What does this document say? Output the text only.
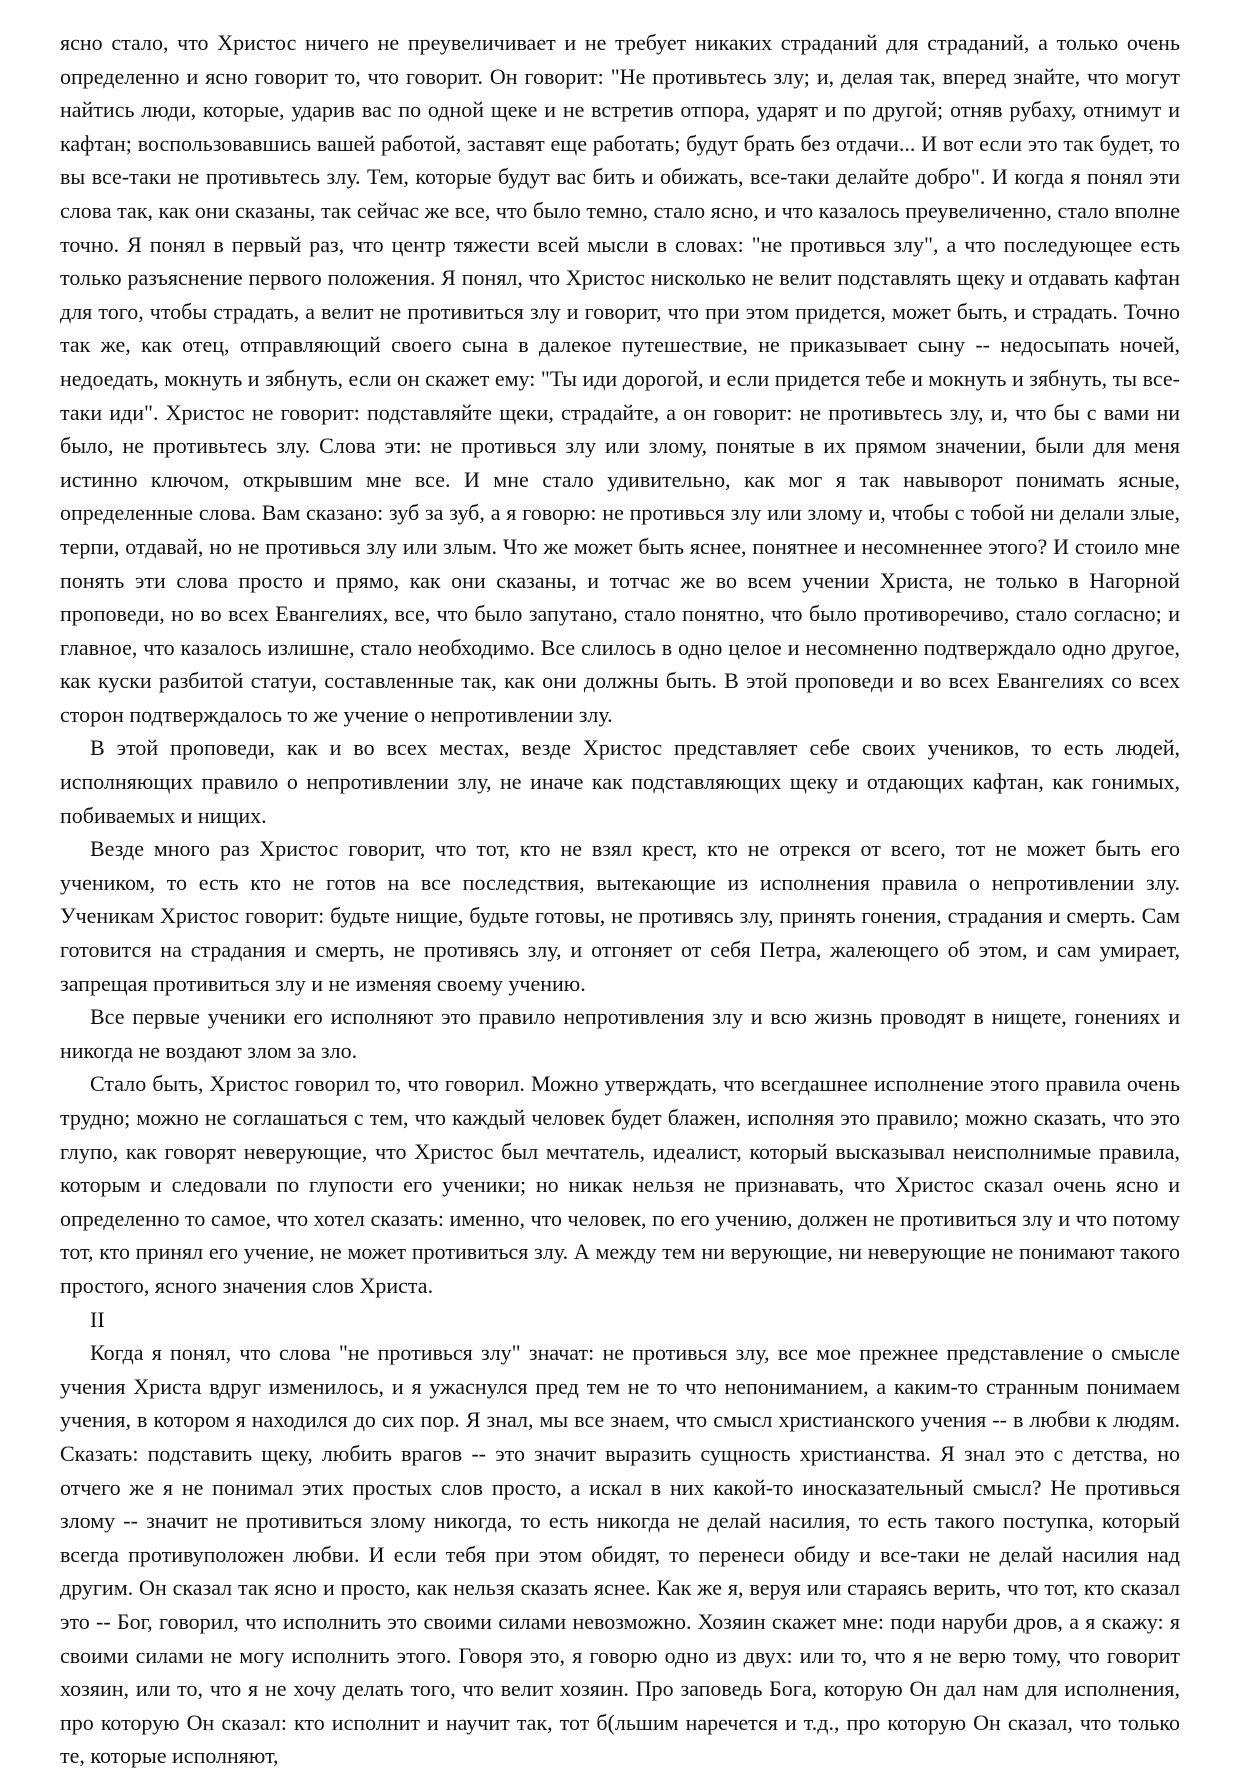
ясно стало, что Христос ничего не преувеличивает и не требует никаких страданий для страданий, а только очень определенно и ясно говорит то, что говорит. Он говорит: "Не противьтесь злу; и, делая так, вперед знайте, что могут найтись люди, которые, ударив вас по одной щеке и не встретив отпора, ударят и по другой; отняв рубаху, отнимут и кафтан; воспользовавшись вашей работой, заставят еще работать; будут брать без отдачи... И вот если это так будет, то вы все-таки не противьтесь злу. Тем, которые будут вас бить и обижать, все-таки делайте добро". И когда я понял эти слова так, как они сказаны, так сейчас же все, что было темно, стало ясно, и что казалось преувеличенно, стало вполне точно. Я понял в первый раз, что центр тяжести всей мысли в словах: "не противься злу", а что последующее есть только разъяснение первого положения. Я понял, что Христос нисколько не велит подставлять щеку и отдавать кафтан для того, чтобы страдать, а велит не противиться злу и говорит, что при этом придется, может быть, и страдать. Точно так же, как отец, отправляющий своего сына в далекое путешествие, не приказывает сыну -- недосыпать ночей, недоедать, мокнуть и зябнуть, если он скажет ему: "Ты иди дорогой, и если придется тебе и мокнуть и зябнуть, ты все-таки иди". Христос не говорит: подставляйте щеки, страдайте, а он говорит: не противьтесь злу, и, что бы с вами ни было, не противьтесь злу. Слова эти: не противься злу или злому, понятые в их прямом значении, были для меня истинно ключом, открывшим мне все. И мне стало удивительно, как мог я так навыворот понимать ясные, определенные слова. Вам сказано: зуб за зуб, а я говорю: не противься злу или злому и, чтобы с тобой ни делали злые, терпи, отдавай, но не противься злу или злым. Что же может быть яснее, понятнее и несомненнее этого? И стоило мне понять эти слова просто и прямо, как они сказаны, и тотчас же во всем учении Христа, не только в Нагорной проповеди, но во всех Евангелиях, все, что было запутано, стало понятно, что было противоречиво, стало согласно; и главное, что казалось излишне, стало необходимо. Все слилось в одно целое и несомненно подтверждало одно другое, как куски разбитой статуи, составленные так, как они должны быть. В этой проповеди и во всех Евангелиях со всех сторон подтверждалось то же учение о непротивлении злу.

В этой проповеди, как и во всех местах, везде Христос представляет себе своих учеников, то есть людей, исполняющих правило о непротивлении злу, не иначе как подставляющих щеку и отдающих кафтан, как гонимых, побиваемых и нищих.

Везде много раз Христос говорит, что тот, кто не взял крест, кто не отрекся от всего, тот не может быть его учеником, то есть кто не готов на все последствия, вытекающие из исполнения правила о непротивлении злу. Ученикам Христос говорит: будьте нищие, будьте готовы, не противясь злу, принять гонения, страдания и смерть. Сам готовится на страдания и смерть, не противясь злу, и отгоняет от себя Петра, жалеющего об этом, и сам умирает, запрещая противиться злу и не изменяя своему учению.

Все первые ученики его исполняют это правило непротивления злу и всю жизнь проводят в нищете, гонениях и никогда не воздают злом за зло.

Стало быть, Христос говорил то, что говорил. Можно утверждать, что всегдашнее исполнение этого правила очень трудно; можно не соглашаться с тем, что каждый человек будет блажен, исполняя это правило; можно сказать, что это глупо, как говорят неверующие, что Христос был мечтатель, идеалист, который высказывал неисполнимые правила, которым и следовали по глупости его ученики; но никак нельзя не признавать, что Христос сказал очень ясно и определенно то самое, что хотел сказать: именно, что человек, по его учению, должен не противиться злу и что потому тот, кто принял его учение, не может противиться злу. А между тем ни верующие, ни неверующие не понимают такого простого, ясного значения слов Христа.

II

Когда я понял, что слова "не противься злу" значат: не противься злу, все мое прежнее представление о смысле учения Христа вдруг изменилось, и я ужаснулся пред тем не то что непониманием, а каким-то странным понимаем учения, в котором я находился до сих пор. Я знал, мы все знаем, что смысл христианского учения -- в любви к людям. Сказать: подставить щеку, любить врагов -- это значит выразить сущность христианства. Я знал это с детства, но отчего же я не понимал этих простых слов просто, а искал в них какой-то иносказательный смысл? Не противься злому -- значит не противиться злому никогда, то есть никогда не делай насилия, то есть такого поступка, который всегда противуположен любви. И если тебя при этом обидят, то перенеси обиду и все-таки не делай насилия над другим. Он сказал так ясно и просто, как нельзя сказать яснее. Как же я, веруя или стараясь верить, что тот, кто сказал это -- Бог, говорил, что исполнить это своими силами невозможно. Хозяин скажет мне: поди наруби дров, а я скажу: я своими силами не могу исполнить этого. Говоря это, я говорю одно из двух: или то, что я не верю тому, что говорит хозяин, или то, что я не хочу делать того, что велит хозяин. Про заповедь Бога, которую Он дал нам для исполнения, про которую Он сказал: кто исполнит и научит так, тот б(льшим наречется и т.д., про которую Он сказал, что только те, которые исполняют,
